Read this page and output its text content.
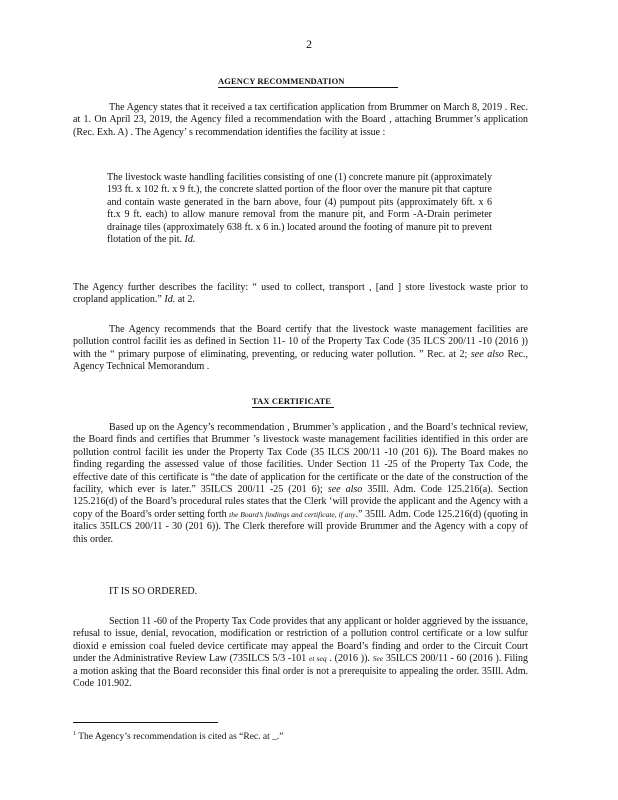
2
AGENCY RECOMMENDATION
The Agency states that it received a tax certification application from Brummer on March 8, 2019 . Rec. at 1. On April 23, 2019, the Agency filed a recommendation with the Board , attaching Brummer’s application (Rec. Exh. A) . The Agency’ s recommendation identifies the facility at issue :
The livestock waste handling facilities consisting of one (1) concrete manure pit (approximately 193 ft. x 102 ft. x 9 ft.), the concrete slatted portion of the floor over the manure pit that capture and contain waste generated in the barn above, four (4) pumpout pits (approximately 6ft. x 6 ft.x 9 ft. each) to allow manure removal from the manure pit, and Form -A-Drain perimeter drainage tiles (approximately 638 ft. x 6 in.) located around the footing of manure pit to prevent flotation of the pit. Id.
The Agency further describes the facility: “ used to collect, transport , [and ] store livestock waste prior to cropland application.” Id. at 2.
The Agency recommends that the Board certify that the livestock waste management facilities are pollution control facilit ies as defined in Section 11- 10 of the Property Tax Code (35 ILCS 200/11 -10 (2016 )) with the “ primary purpose of eliminating, preventing, or reducing water pollution. ” Rec. at 2; see also Rec., Agency Technical Memorandum .
TAX CERTIFICATE
Based up on the Agency’s recommendation , Brummer’s application , and the Board’s technical review, the Board finds and certifies that Brummer ’s livestock waste management facilities identified in this order are pollution control facilit ies under the Property Tax Code (35 ILCS 200/11 -10 (201 6)). The Board makes no finding regarding the assessed value of those facilities. Under Section 11 -25 of the Property Tax Code, the effective date of this certificate is “the date of application for the certificate or the date of the construction of the facility, which ever is later.” 35ILCS 200/11 -25 (201 6); see also 35Ill. Adm. Code 125.216(a). Section 125.216(d) of the Board’s procedural rules states that the Clerk ‘will provide the applicant and the Agency with a copy of the Board’s order setting forth the Board’s findings and certificate, if any.” 35Ill. Adm. Code 125.216(d) (quoting in italics 35ILCS 200/11 - 30 (201 6)). The Clerk therefore will provide Brummer and the Agency with a copy of this order.
IT IS SO ORDERED.
Section 11 -60 of the Property Tax Code provides that any applicant or holder aggrieved by the issuance, refusal to issue, denial, revocation, modification or restriction of a pollution control certificate or a low sulfur dioxid e emission coal fueled device certificate may appeal the Board’s finding and order to the Circuit Court under the Administrative Review Law (735ILCS 5/3 -101 et seq . (2016 )). See 35ILCS 200/11 - 60 (2016 ). Filing a motion asking that the Board reconsider this final order is not a prerequisite to appealing the order. 35Ill. Adm. Code 101.902.
$^1$ The Agency’s recommendation is cited as “Rec. at _.”
